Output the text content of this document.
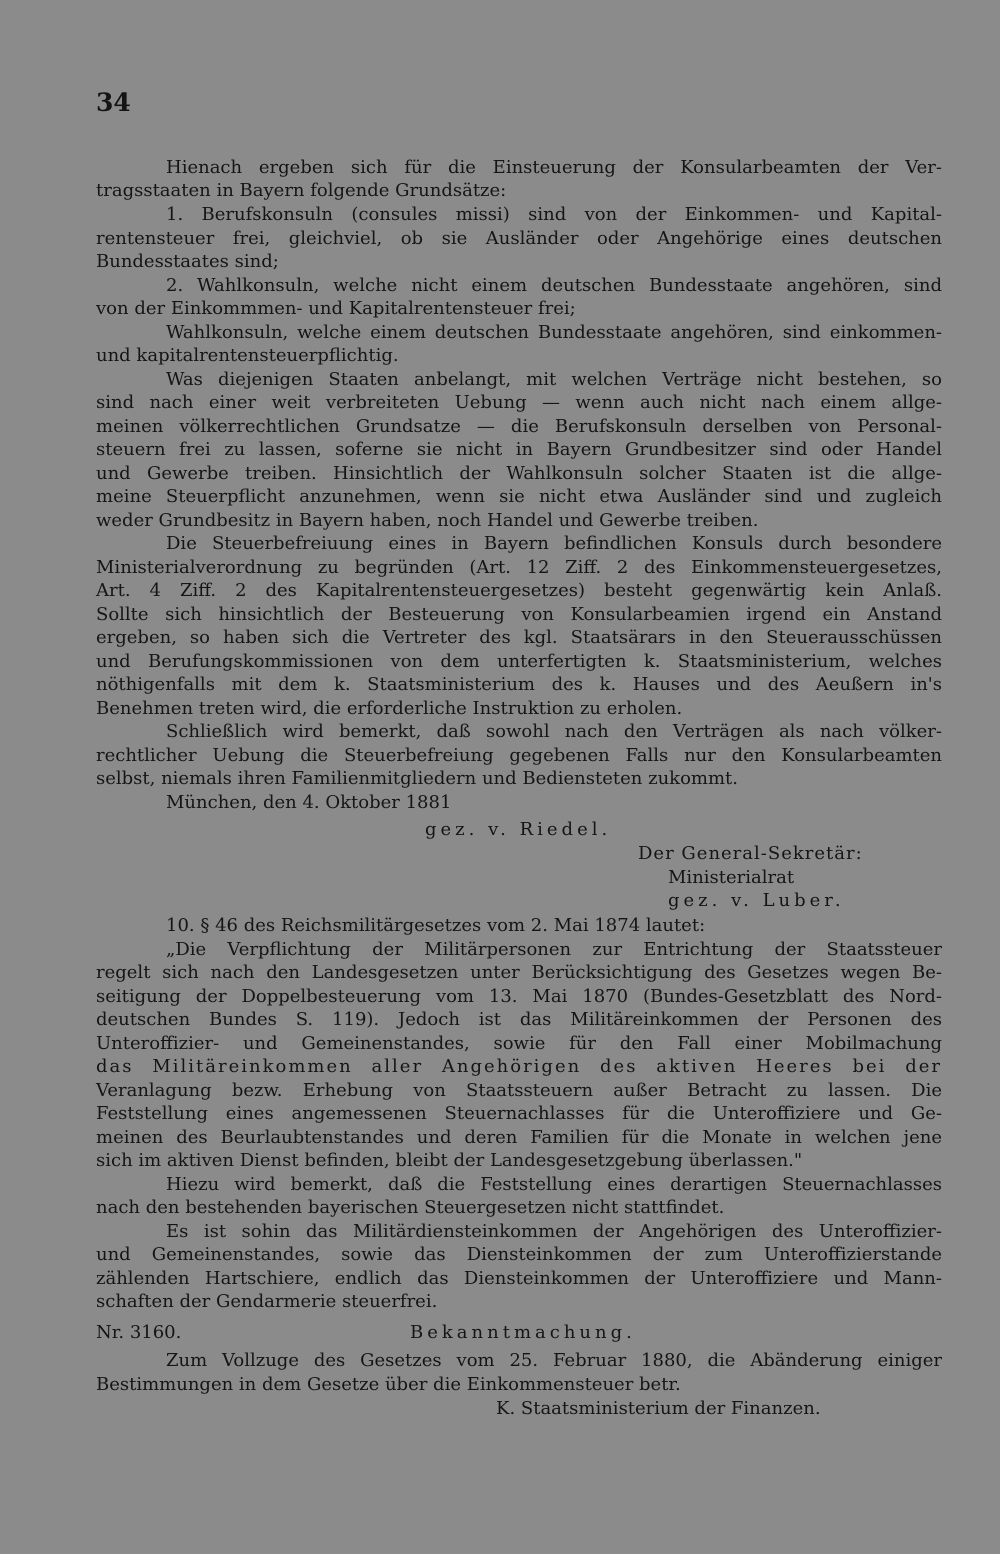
34
Hienach ergeben sich für die Einsteuerung der Konsularbeamten der Ver-
tragsstaaten in Bayern folgende Grundsätze:
1. Berufskonsuln (consules missi) sind von der Einkommen- und Kapital-
rentensteuer frei, gleichviel, ob sie Ausländer oder Angehörige eines deutschen
Bundesstaates sind;
2. Wahlkonsuln, welche nicht einem deutschen Bundesstaate angehören, sind
von der Einkommmen- und Kapitalrentensteuer frei;
Wahlkonsuln, welche einem deutschen Bundesstaate angehören, sind einkommen-
und kapitalrentensteuerpflichtig.
Was diejenigen Staaten anbelangt, mit welchen Verträge nicht bestehen, so
sind nach einer weit verbreiteten Uebung — wenn auch nicht nach einem allge-
meinen völkerrechtlichen Grundsatze — die Berufskonsuln derselben von Personal-
steuern frei zu lassen, soferne sie nicht in Bayern Grundbesitzer sind oder Handel
und Gewerbe treiben. Hinsichtlich der Wahlkonsuln solcher Staaten ist die allge-
meine Steuerpflicht anzunehmen, wenn sie nicht etwa Ausländer sind und zugleich
weder Grundbesitz in Bayern haben, noch Handel und Gewerbe treiben.
Die Steuerbefreiuung eines in Bayern befindlichen Konsuls durch besondere
Ministerialverordnung zu begründen (Art. 12 Ziff. 2 des Einkommensteuergesetzes,
Art. 4 Ziff. 2 des Kapitalrentensteuergesetzes) besteht gegenwärtig kein Anlaß.
Sollte sich hinsichtlich der Besteuerung von Konsularbeamien irgend ein Anstand
ergeben, so haben sich die Vertreter des kgl. Staatsärars in den Steuerausschüssen
und Berufungskommissionen von dem unterfertigten k. Staatsministerium, welches
nöthigenfalls mit dem k. Staatsministerium des k. Hauses und des Aeußern in's
Benehmen treten wird, die erforderliche Instruktion zu erholen.
Schließlich wird bemerkt, daß sowohl nach den Verträgen als nach völker-
rechtlicher Uebung die Steuerbefreiung gegebenen Falls nur den Konsularbeamten
selbst, niemals ihren Familienmitgliedern und Bediensteten zukommt.
München, den 4. Oktober 1881
gez. v. Riedel.
Der General-Sekretär:
Ministerialrat
gez. v. Luber.
10. § 46 des Reichsmilitärgesetzes vom 2. Mai 1874 lautet:
„Die Verpflichtung der Militärpersonen zur Entrichtung der Staatssteuer
regelt sich nach den Landesgesetzen unter Berücksichtigung des Gesetzes wegen Be-
seitigung der Doppelbesteuerung vom 13. Mai 1870 (Bundes-Gesetzblatt des Nord-
deutschen Bundes S. 119). Jedoch ist das Militäreinkommen der Personen des
Unteroffizier- und Gemeinenstandes, sowie für den Fall einer Mobilmachung
das Militäreinkommen aller Angehörigen des aktiven Heeres bei der
Veranlagung bezw. Erhebung von Staatssteuern außer Betracht zu lassen. Die
Feststellung eines angemessenen Steuernachlasses für die Unteroffiziere und Ge-
meinen des Beurlaubtenstandes und deren Familien für die Monate in welchen jene
sich im aktiven Dienst befinden, bleibt der Landesgesetzgebung überlassen."
Hiezu wird bemerkt, daß die Feststellung eines derartigen Steuernachlasses
nach den bestehenden bayerischen Steuergesetzen nicht stattfindet.
Es ist sohin das Militärdiensteinkommen der Angehörigen des Unteroffizier-
und Gemeinenstandes, sowie das Diensteinkommen der zum Unteroffizierstande
zählenden Hartschiere, endlich das Diensteinkommen der Unteroffiziere und Mann-
schaften der Gendarmerie steuerfrei.
Nr. 3160.	Bekanntmachung.
Zum Vollzuge des Gesetzes vom 25. Februar 1880, die Abänderung einiger
Bestimmungen in dem Gesetze über die Einkommensteuer betr.
K. Staatsministerium der Finanzen.
